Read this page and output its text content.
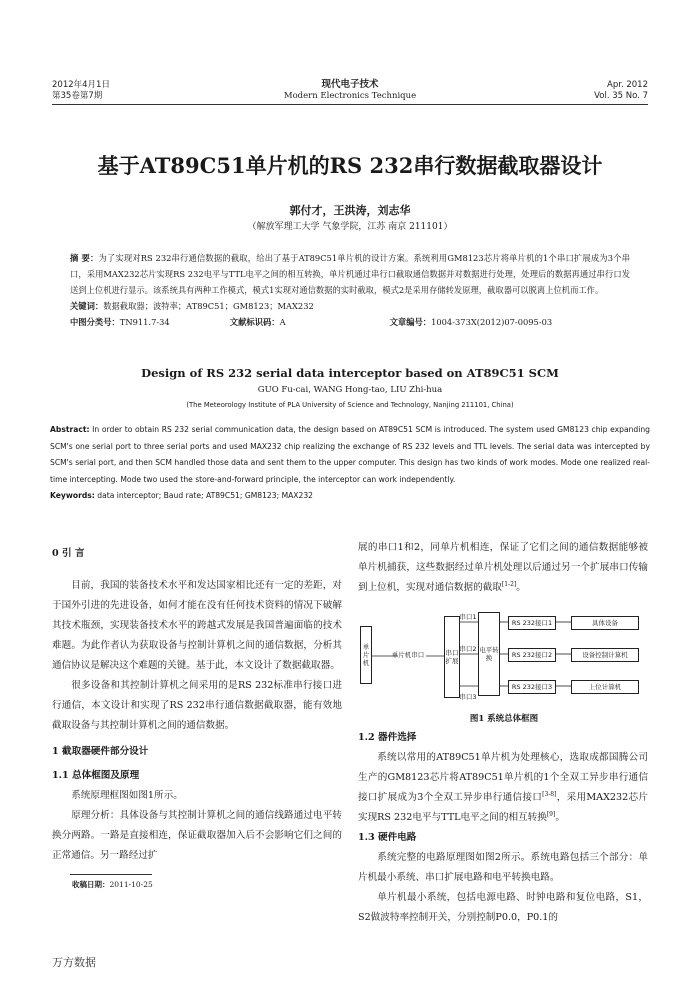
2012年4月1日
第35卷第7期
现代电子技术
Modern Electronics Technique
Apr. 2012
Vol. 35 No. 7
基于AT89C51单片机的RS 232串行数据截取器设计
郭付才，王洪涛，刘志华
（解放军理工大学 气象学院，江苏 南京 211101）
摘 要：为了实现对RS 232串行通信数据的截取，给出了基于AT89C51单片机的设计方案。系统利用GM8123芯片将单片机的1个串口扩展成为3个串口，采用MAX232芯片实现RS 232电平与TTL电平之间的相互转换，单片机通过串行口截取通信数据并对数据进行处理，处理后的数据再通过串行口发送到上位机进行显示。该系统具有两种工作模式，模式1实现对通信数据的实时截取，模式2是采用存储转发原理，截取器可以脱离上位机而工作。
关键词：数据截取器；波特率；AT89C51；GM8123；MAX232
中图分类号：TN911.7-34	文献标识码：A	文章编号：1004-373X(2012)07-0095-03
Design of RS 232 serial data interceptor based on AT89C51 SCM
GUO Fu-cai, WANG Hong-tao, LIU Zhi-hua
(The Meteorology Institute of PLA University of Science and Technology, Nanjing 211101, China)
Abstract: In order to obtain RS 232 serial communication data, the design based on AT89C51 SCM is introduced. The system used GM8123 chip expanding SCM's one serial port to three serial ports and used MAX232 chip realizing the exchange of RS 232 levels and TTL levels. The serial data was intercepted by SCM's serial port, and then SCM handled those data and sent them to the upper computer. This design has two kinds of work modes. Mode one realized real-time intercepting. Mode two used the store-and-forward principle, the interceptor can work independently.
Keywords: data interceptor; Baud rate; AT89C51; GM8123; MAX232

0 引 言

目前，我国的装备技术水平和发达国家相比还有一定的差距，对于国外引进的先进设备，如何才能在没有任何技术资料的情况下破解其技术瓶颈，实现装备技术水平的跨越式发展是我国普遍面临的技术难题。为此作者认为获取设备与控制计算机之间的通信数据，分析其通信协议是解决这个难题的关键。基于此，本文设计了数据截取器。

很多设备和其控制计算机之间采用的是RS 232标准串行接口进行通信，本文设计和实现了RS 232串行通信数据截取器，能有效地截取设备与其控制计算机之间的通信数据。

1 截取器硬件部分设计

1.1 总体框图及原理

系统原理框图如图1所示。

原理分析：具体设备与其控制计算机之间的通信线路通过电平转换分两路。一路是直接相连，保证截取器加入后不会影响它们之间的正常通信。另一路经过扩

展的串口1和2，同单片机相连，保证了它们之间的通信数据能够被单片机捕获，这些数据经过单片机处理以后通过另一个扩展串口传输到上位机，实现对通信数据的截取[1-2]。

单片机
单片机串口	串口扩展
电平转换
串口1
串口2
串口3
RS 232接口1
RS 232接口2
RS 232接口3
具体设备
设备控制计算机
上位计算机
图1 系统总体框图

1.2 器件选择

系统以常用的AT89C51单片机为处理核心，选取成都国腾公司生产的GM8123芯片将AT89C51单片机的1个全双工异步串行通信接口扩展成为3个全双工异步串行通信接口[3-8]，采用MAX232芯片实现RS 232电平与TTL电平之间的相互转换[9]。

1.3 硬件电路

系统完整的电路原理图如图2所示。系统电路包括三个部分：单片机最小系统、串口扩展电路和电平转换电路。

单片机最小系统，包括电源电路、时钟电路和复位电路，S1，S2做波特率控制开关，分别控制P0.0，P0.1的

收稿日期：2011-10-25
万方数据
